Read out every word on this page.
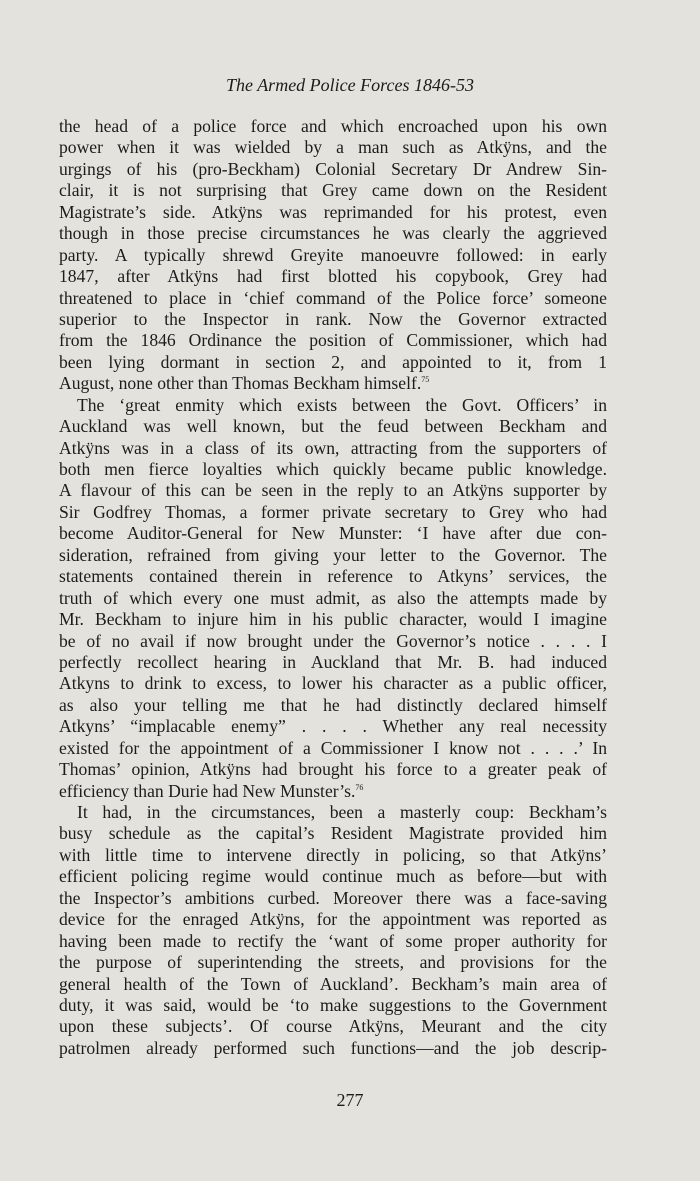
The Armed Police Forces 1846-53
the head of a police force and which encroached upon his own
power when it was wielded by a man such as Atkÿns, and the
urgings of his (pro-Beckham) Colonial Secretary Dr Andrew Sin-
clair, it is not surprising that Grey came down on the Resident
Magistrate’s side. Atkÿns was reprimanded for his protest, even
though in those precise circumstances he was clearly the aggrieved
party. A typically shrewd Greyite manoeuvre followed: in early
1847, after Atkÿns had first blotted his copybook, Grey had
threatened to place in ‘chief command of the Police force’ someone
superior to the Inspector in rank. Now the Governor extracted
from the 1846 Ordinance the position of Commissioner, which had
been lying dormant in section 2, and appointed to it, from 1
August, none other than Thomas Beckham himself.$^{75}$
The ‘great enmity which exists between the Govt. Officers’ in
Auckland was well known, but the feud between Beckham and
Atkÿns was in a class of its own, attracting from the supporters of
both men fierce loyalties which quickly became public knowledge.
A flavour of this can be seen in the reply to an Atkÿns supporter by
Sir Godfrey Thomas, a former private secretary to Grey who had
become Auditor-General for New Munster: ‘I have after due con-
sideration, refrained from giving your letter to the Governor. The
statements contained therein in reference to Atkyns’ services, the
truth of which every one must admit, as also the attempts made by
Mr. Beckham to injure him in his public character, would I imagine
be of no avail if now brought under the Governor’s notice . . . . I
perfectly recollect hearing in Auckland that Mr. B. had induced
Atkyns to drink to excess, to lower his character as a public officer,
as also your telling me that he had distinctly declared himself
Atkyns’ “implacable enemy” . . . . Whether any real necessity
existed for the appointment of a Commissioner I know not . . . .’ In
Thomas’ opinion, Atkÿns had brought his force to a greater peak of
efficiency than Durie had New Munster’s.$^{76}$
It had, in the circumstances, been a masterly coup: Beckham’s
busy schedule as the capital’s Resident Magistrate provided him
with little time to intervene directly in policing, so that Atkÿns’
efficient policing regime would continue much as before—but with
the Inspector’s ambitions curbed. Moreover there was a face-saving
device for the enraged Atkÿns, for the appointment was reported as
having been made to rectify the ‘want of some proper authority for
the purpose of superintending the streets, and provisions for the
general health of the Town of Auckland’. Beckham’s main area of
duty, it was said, would be ‘to make suggestions to the Government
upon these subjects’. Of course Atkÿns, Meurant and the city
patrolmen already performed such functions—and the job descrip-
277
